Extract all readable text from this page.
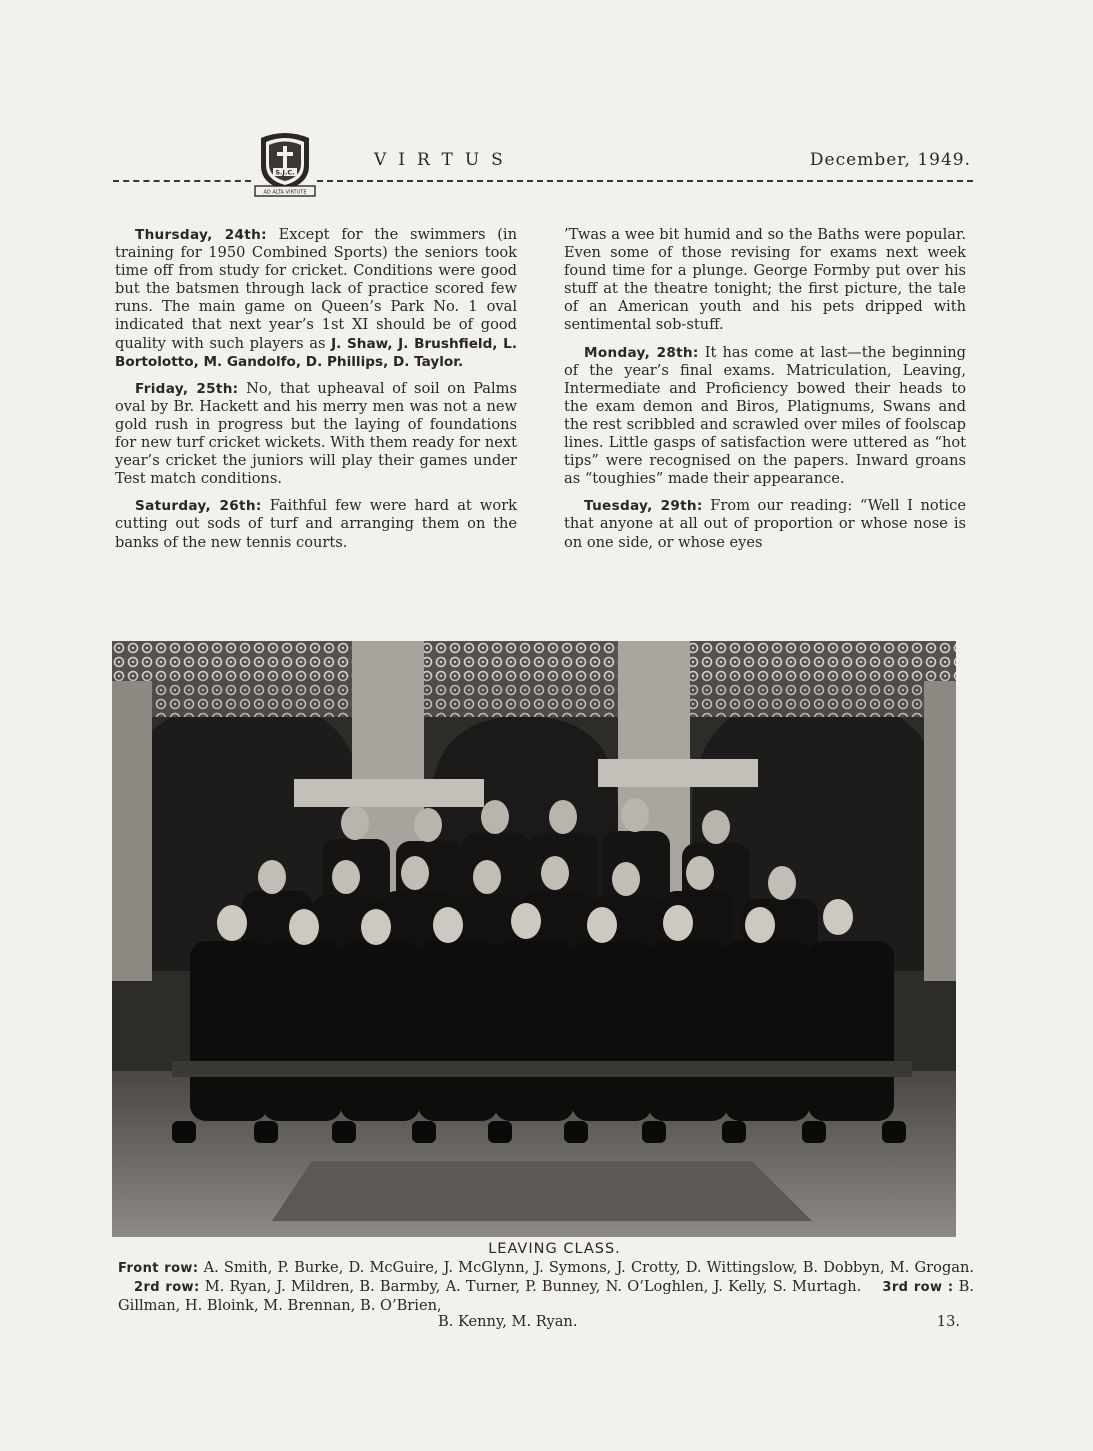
S.J.C.
AD ALTA VIRTUTE
VIRTUS	December, 1949.

Thursday, 24th: Except for the swimmers (in training for 1950 Combined Sports) the seniors took time off from study for cricket. Conditions were good but the batsmen through lack of practice scored few runs. The main game on Queen’s Park No. 1 oval indicated that next year’s 1st XI should be of good quality with such players as J. Shaw, J. Brushfield, L. Bortolotto, M. Gandolfo, D. Phillips, D. Taylor.

Friday, 25th: No, that upheaval of soil on Palms oval by Br. Hackett and his merry men was not a new gold rush in progress but the laying of foundations for new turf cricket wickets. With them ready for next year’s cricket the juniors will play their games under Test match conditions.

Saturday, 26th: Faithful few were hard at work cutting out sods of turf and arranging them on the banks of the new tennis courts.

’Twas a wee bit humid and so the Baths were popular. Even some of those revising for exams next week found time for a plunge. George Formby put over his stuff at the theatre tonight; the first picture, the tale of an American youth and his pets dripped with sentimental sob-stuff.

Monday, 28th: It has come at last—the beginning of the year’s final exams. Matriculation, Leaving, Intermediate and Proficiency bowed their heads to the exam demon and Biros, Platignums, Swans and the rest scribbled and scrawled over miles of foolscap lines. Little gasps of satisfaction were uttered as “hot tips” were recognised on the papers. Inward groans as “toughies” made their appearance.

Tuesday, 29th: From our reading: “Well I notice that anyone at all out of proportion or whose nose is on one side, or whose eyes

LEAVING CLASS.
Front row: A. Smith, P. Burke, D. McGuire, J. McGlynn, J. Symons, J. Crotty, D. Wittingslow, B. Dobbyn, M. Grogan. 2rd row: M. Ryan, J. Mildren, B. Barmby, A. Turner, P. Bunney, N. O’Loghlen, J. Kelly, S. Murtagh. 3rd row : B. Gillman, H. Bloink, M. Brennan, B. O’Brien,
B. Kenny, M. Ryan.	13.
